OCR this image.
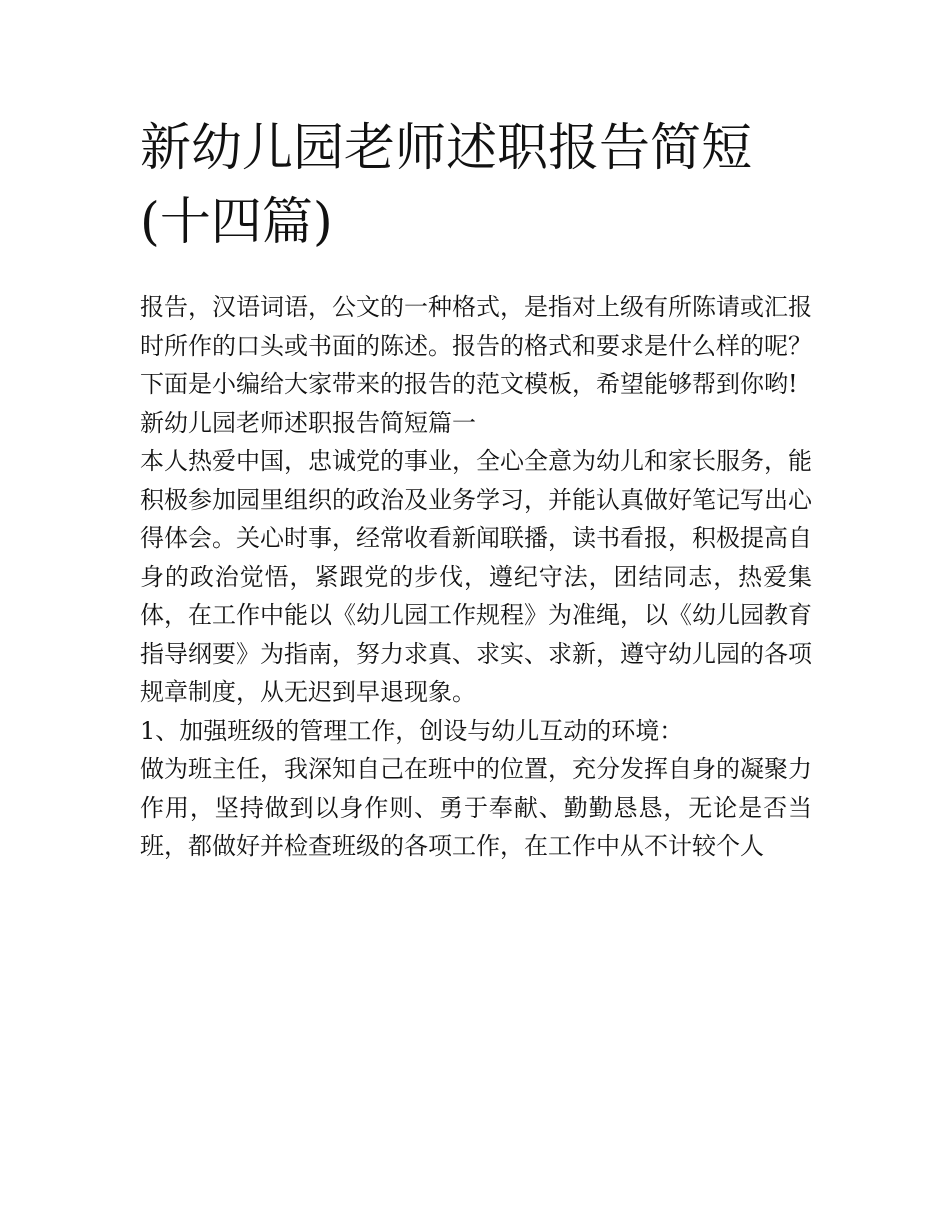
新幼儿园老师述职报告简短(十四篇)

报告，汉语词语，公文的一种格式，是指对上级有所陈请或汇报时所作的口头或书面的陈述。报告的格式和要求是什么样的呢？下面是小编给大家带来的报告的范文模板，希望能够帮到你哟!

新幼儿园老师述职报告简短篇一

本人热爱中国，忠诚党的事业，全心全意为幼儿和家长服务，能积极参加园里组织的政治及业务学习，并能认真做好笔记写出心得体会。关心时事，经常收看新闻联播，读书看报，积极提高自身的政治觉悟，紧跟党的步伐，遵纪守法，团结同志，热爱集体，在工作中能以《幼儿园工作规程》为准绳，以《幼儿园教育指导纲要》为指南，努力求真、求实、求新，遵守幼儿园的各项规章制度，从无迟到早退现象。

1、加强班级的管理工作，创设与幼儿互动的环境：

做为班主任，我深知自己在班中的位置，充分发挥自身的凝聚力作用，坚持做到以身作则、勇于奉献、勤勤恳恳，无论是否当班，都做好并检查班级的各项工作，在工作中从不计较个人
